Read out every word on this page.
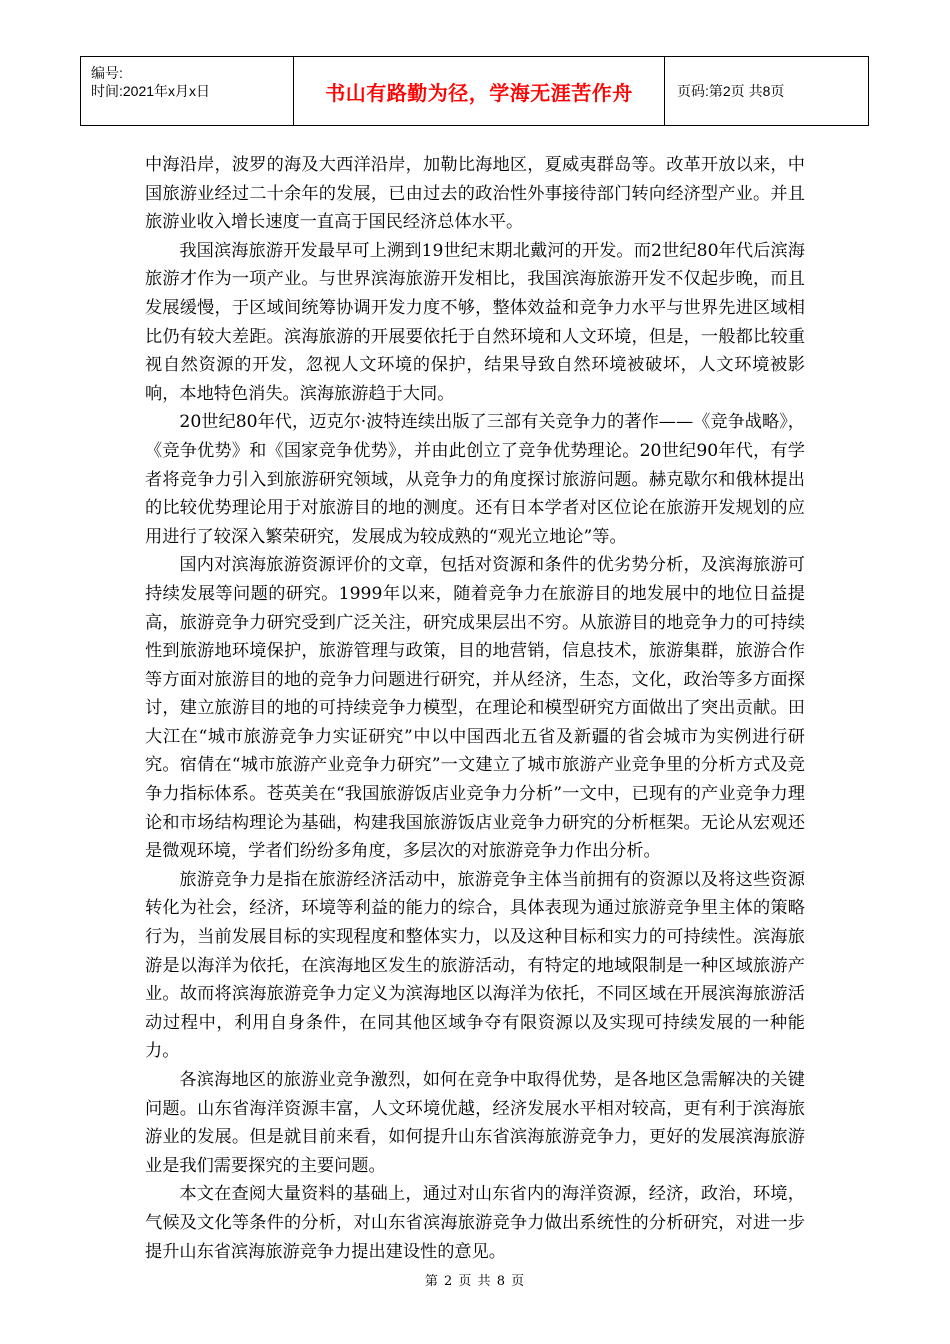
编号:
时间:2021年x月x日	书山有路勤为径，学海无涯苦作舟	页码:第2页 共8页

中海沿岸，波罗的海及大西洋沿岸，加勒比海地区，夏威夷群岛等。改革开放以来，中国旅游业经过二十余年的发展，已由过去的政治性外事接待部门转向经济型产业。并且旅游业收入增长速度一直高于国民经济总体水平。

我国滨海旅游开发最早可上溯到19世纪末期北戴河的开发。而2世纪80年代后滨海旅游才作为一项产业。与世界滨海旅游开发相比，我国滨海旅游开发不仅起步晚，而且发展缓慢，于区域间统筹协调开发力度不够，整体效益和竞争力水平与世界先进区域相比仍有较大差距。滨海旅游的开展要依托于自然环境和人文环境，但是，一般都比较重视自然资源的开发，忽视人文环境的保护，结果导致自然环境被破坏，人文环境被影响，本地特色消失。滨海旅游趋于大同。

20世纪80年代，迈克尔·波特连续出版了三部有关竞争力的著作——《竞争战略》，《竞争优势》和《国家竞争优势》，并由此创立了竞争优势理论。20世纪90年代，有学者将竞争力引入到旅游研究领域，从竞争力的角度探讨旅游问题。赫克歇尔和俄林提出的比较优势理论用于对旅游目的地的测度。还有日本学者对区位论在旅游开发规划的应用进行了较深入繁荣研究，发展成为较成熟的“观光立地论”等。

国内对滨海旅游资源评价的文章，包括对资源和条件的优劣势分析，及滨海旅游可持续发展等问题的研究。1999年以来，随着竞争力在旅游目的地发展中的地位日益提高，旅游竞争力研究受到广泛关注，研究成果层出不穷。从旅游目的地竞争力的可持续性到旅游地环境保护，旅游管理与政策，目的地营销，信息技术，旅游集群，旅游合作等方面对旅游目的地的竞争力问题进行研究，并从经济，生态，文化，政治等多方面探讨，建立旅游目的地的可持续竞争力模型，在理论和模型研究方面做出了突出贡献。田大江在“城市旅游竞争力实证研究”中以中国西北五省及新疆的省会城市为实例进行研究。宿倩在“城市旅游产业竞争力研究”一文建立了城市旅游产业竞争里的分析方式及竞争力指标体系。苍英美在“我国旅游饭店业竞争力分析”一文中，已现有的产业竞争力理论和市场结构理论为基础，构建我国旅游饭店业竞争力研究的分析框架。无论从宏观还是微观环境，学者们纷纷多角度，多层次的对旅游竞争力作出分析。

旅游竞争力是指在旅游经济活动中，旅游竞争主体当前拥有的资源以及将这些资源转化为社会，经济，环境等利益的能力的综合，具体表现为通过旅游竞争里主体的策略行为，当前发展目标的实现程度和整体实力，以及这种目标和实力的可持续性。滨海旅游是以海洋为依托，在滨海地区发生的旅游活动，有特定的地域限制是一种区域旅游产业。故而将滨海旅游竞争力定义为滨海地区以海洋为依托，不同区域在开展滨海旅游活动过程中，利用自身条件，在同其他区域争夺有限资源以及实现可持续发展的一种能力。

各滨海地区的旅游业竞争激烈，如何在竞争中取得优势，是各地区急需解决的关键问题。山东省海洋资源丰富，人文环境优越，经济发展水平相对较高，更有利于滨海旅游业的发展。但是就目前来看，如何提升山东省滨海旅游竞争力，更好的发展滨海旅游业是我们需要探究的主要问题。

本文在查阅大量资料的基础上，通过对山东省内的海洋资源，经济，政治，环境，气候及文化等条件的分析，对山东省滨海旅游竞争力做出系统性的分析研究，对进一步提升山东省滨海旅游竞争力提出建设性的意见。

第 2 页 共 8 页
